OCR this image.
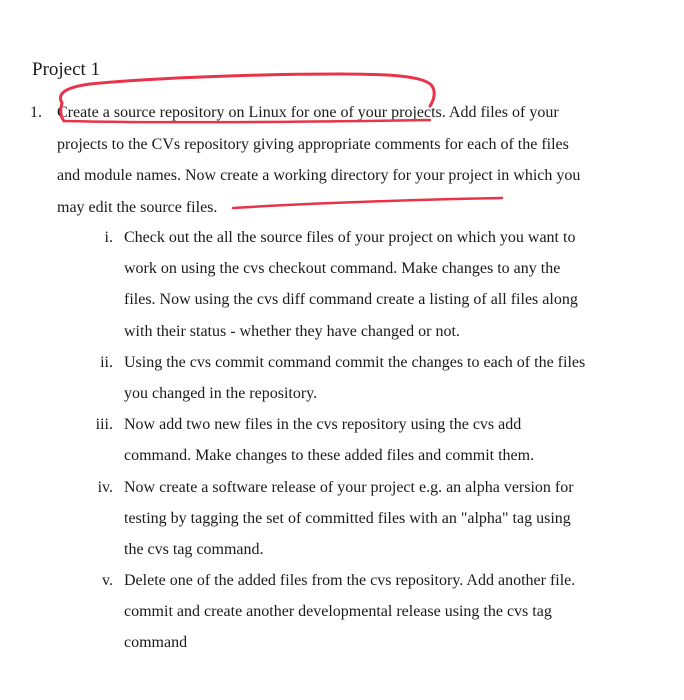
Project 1
1. Create a source repository on Linux for one of your projects. Add files of your
projects to the CVs repository giving appropriate comments for each of the files
and module names. Now create a working directory for your project in which you
may edit the source files.
i. Check out the all the source files of your project on which you want to
work on using the cvs checkout command. Make changes to any the
files. Now using the cvs diff command create a listing of all files along
with their status - whether they have changed or not.
ii. Using the cvs commit command commit the changes to each of the files
you changed in the repository.
iii. Now add two new files in the cvs repository using the cvs add
command. Make changes to these added files and commit them.
iv. Now create a software release of your project e.g. an alpha version for
testing by tagging the set of committed files with an "alpha" tag using
the cvs tag command.
v. Delete one of the added files from the cvs repository. Add another file.
commit and create another developmental release using the cvs tag
command
